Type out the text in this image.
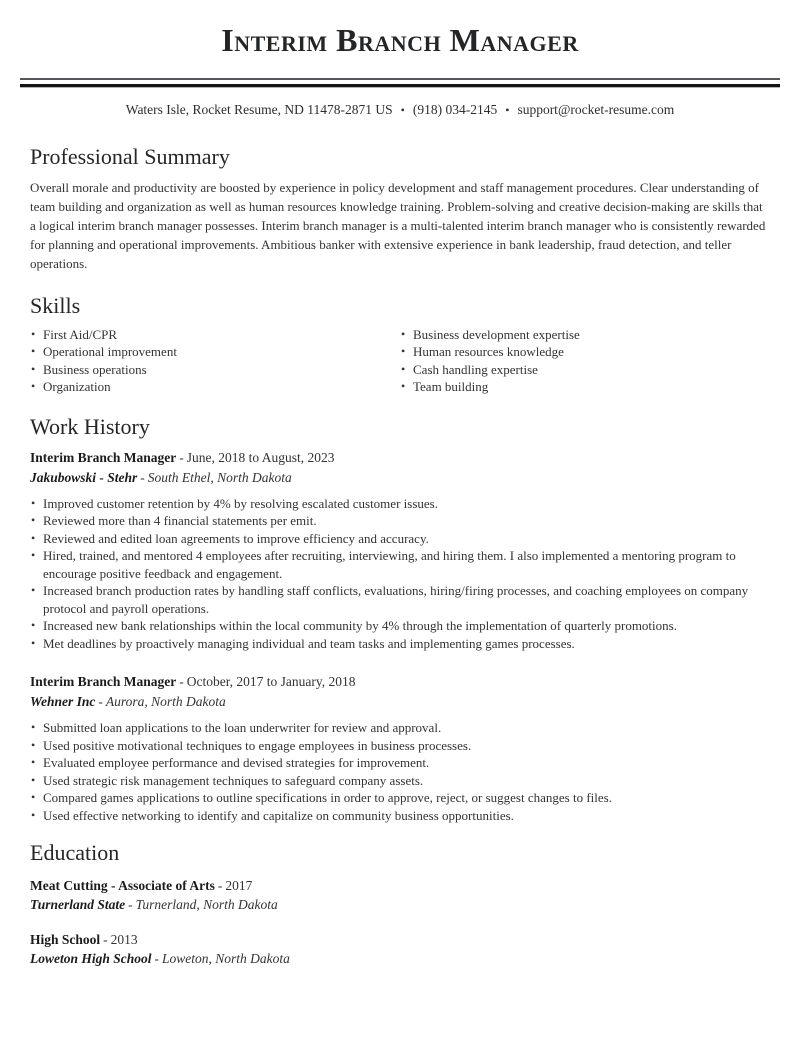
Interim Branch Manager
Waters Isle, Rocket Resume, ND 11478-2871 US • (918) 034-2145 • support@rocket-resume.com
Professional Summary

Overall morale and productivity are boosted by experience in policy development and staff management procedures. Clear understanding of team building and organization as well as human resources knowledge training. Problem-solving and creative decision-making are skills that a logical interim branch manager possesses. Interim branch manager is a multi-talented interim branch manager who is consistently rewarded for planning and operational improvements. Ambitious banker with extensive experience in bank leadership, fraud detection, and teller operations.

Skills
• First Aid/CPR
• Operational improvement
• Business operations
• Organization
• Business development expertise
• Human resources knowledge
• Cash handling expertise
• Team building
Work History

Interim Branch Manager - June, 2018 to August, 2023

Jakubowski - Stehr - South Ethel, North Dakota

• Improved customer retention by 4% by resolving escalated customer issues.
• Reviewed more than 4 financial statements per emit.
• Reviewed and edited loan agreements to improve efficiency and accuracy.
• Hired, trained, and mentored 4 employees after recruiting, interviewing, and hiring them. I also implemented a mentoring program to encourage positive feedback and engagement.
• Increased branch production rates by handling staff conflicts, evaluations, hiring/firing processes, and coaching employees on company protocol and payroll operations.
• Increased new bank relationships within the local community by 4% through the implementation of quarterly promotions.
• Met deadlines by proactively managing individual and team tasks and implementing games processes.

Interim Branch Manager - October, 2017 to January, 2018

Wehner Inc - Aurora, North Dakota

• Submitted loan applications to the loan underwriter for review and approval.
• Used positive motivational techniques to engage employees in business processes.
• Evaluated employee performance and devised strategies for improvement.
• Used strategic risk management techniques to safeguard company assets.
• Compared games applications to outline specifications in order to approve, reject, or suggest changes to files.
• Used effective networking to identify and capitalize on community business opportunities.
Education

Meat Cutting - Associate of Arts - 2017

Turnerland State - Turnerland, North Dakota

High School - 2013

Loweton High School - Loweton, North Dakota
